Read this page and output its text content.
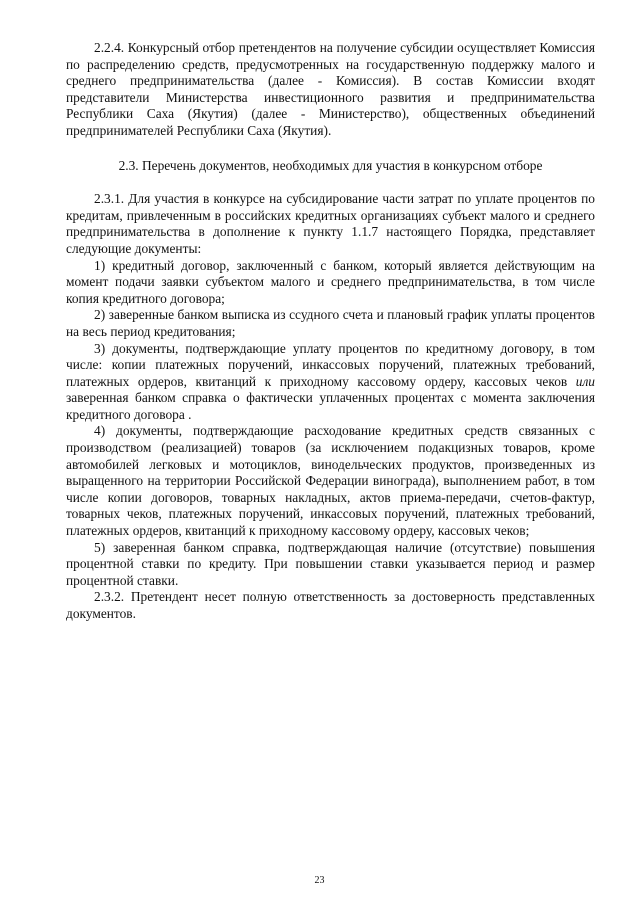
2.2.4. Конкурсный отбор претендентов на получение субсидии осуществляет Комиссия по распределению средств, предусмотренных на государственную поддержку малого и среднего предпринимательства (далее - Комиссия). В состав Комиссии входят представители Министерства инвестиционного развития и предпринимательства Республики Саха (Якутия) (далее - Министерство), общественных объединений предпринимателей Республики Саха (Якутия).

2.3. Перечень документов, необходимых для участия в конкурсном отборе

2.3.1. Для участия в конкурсе на субсидирование части затрат по уплате процентов по кредитам, привлеченным в российских кредитных организациях субъект малого и среднего предпринимательства в дополнение к пункту 1.1.7 настоящего Порядка, представляет следующие документы:

1) кредитный договор, заключенный с банком, который является действующим на момент подачи заявки субъектом малого и среднего предпринимательства, в том числе копия кредитного договора;

2) заверенные банком выписка из ссудного счета и плановый график уплаты процентов на весь период кредитования;

3) документы, подтверждающие уплату процентов по кредитному договору, в том числе: копии платежных поручений, инкассовых поручений, платежных требований, платежных ордеров, квитанций к приходному кассовому ордеру, кассовых чеков или заверенная банком справка о фактически уплаченных процентах с момента заключения кредитного договора .

4) документы, подтверждающие расходование кредитных средств связанных с производством (реализацией) товаров (за исключением подакцизных товаров, кроме автомобилей легковых и мотоциклов, винодельческих продуктов, произведенных из выращенного на территории Российской Федерации винограда), выполнением работ, в том числе копии договоров, товарных накладных, актов приема-передачи, счетов-фактур, товарных чеков, платежных поручений, инкассовых поручений, платежных требований, платежных ордеров, квитанций к приходному кассовому ордеру, кассовых чеков;

5) заверенная банком справка, подтверждающая наличие (отсутствие) повышения процентной ставки по кредиту. При повышении ставки указывается период и размер процентной ставки.

2.3.2. Претендент несет полную ответственность за достоверность представленных документов.

23
